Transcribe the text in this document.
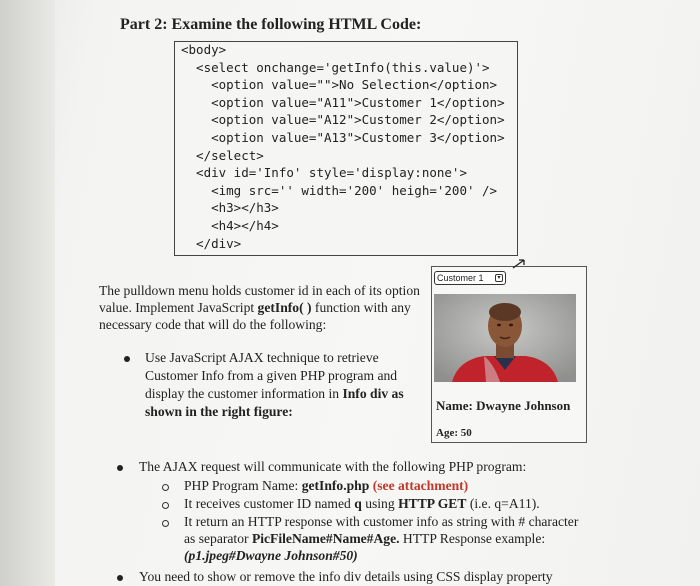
Part 2: Examine the following HTML Code:
<body>
<select onchange='getInfo(this.value)'>
<option value="">No Selection</option>
<option value="A11">Customer 1</option>
<option value="A12">Customer 2</option>
<option value="A13">Customer 3</option>
</select>
<div id='Info' style='display:none'>
<img src='' width='200' heigh='200' />
<h3></h3>
<h4></h4>
</div>
The pulldown menu holds customer id in each of its option value. Implement JavaScript getInfo( ) function with any necessary code that will do the following:
Use JavaScript AJAX technique to retrieve Customer Info from a given PHP program and display the customer information in Info div as shown in the right figure:
Customer 1	▾
Name: Dwayne Johnson
Age: 50
The AJAX request will communicate with the following PHP program:
PHP Program Name: getInfo.php (see attachment)
It receives customer ID named q using HTTP GET (i.e. q=A11).
It return an HTTP response with customer info as string with # character
as separator PicFileName#Name#Age. HTTP Response example:
(p1.jpeg#Dwayne Johnson#50)
You need to show or remove the info div details using CSS display property
